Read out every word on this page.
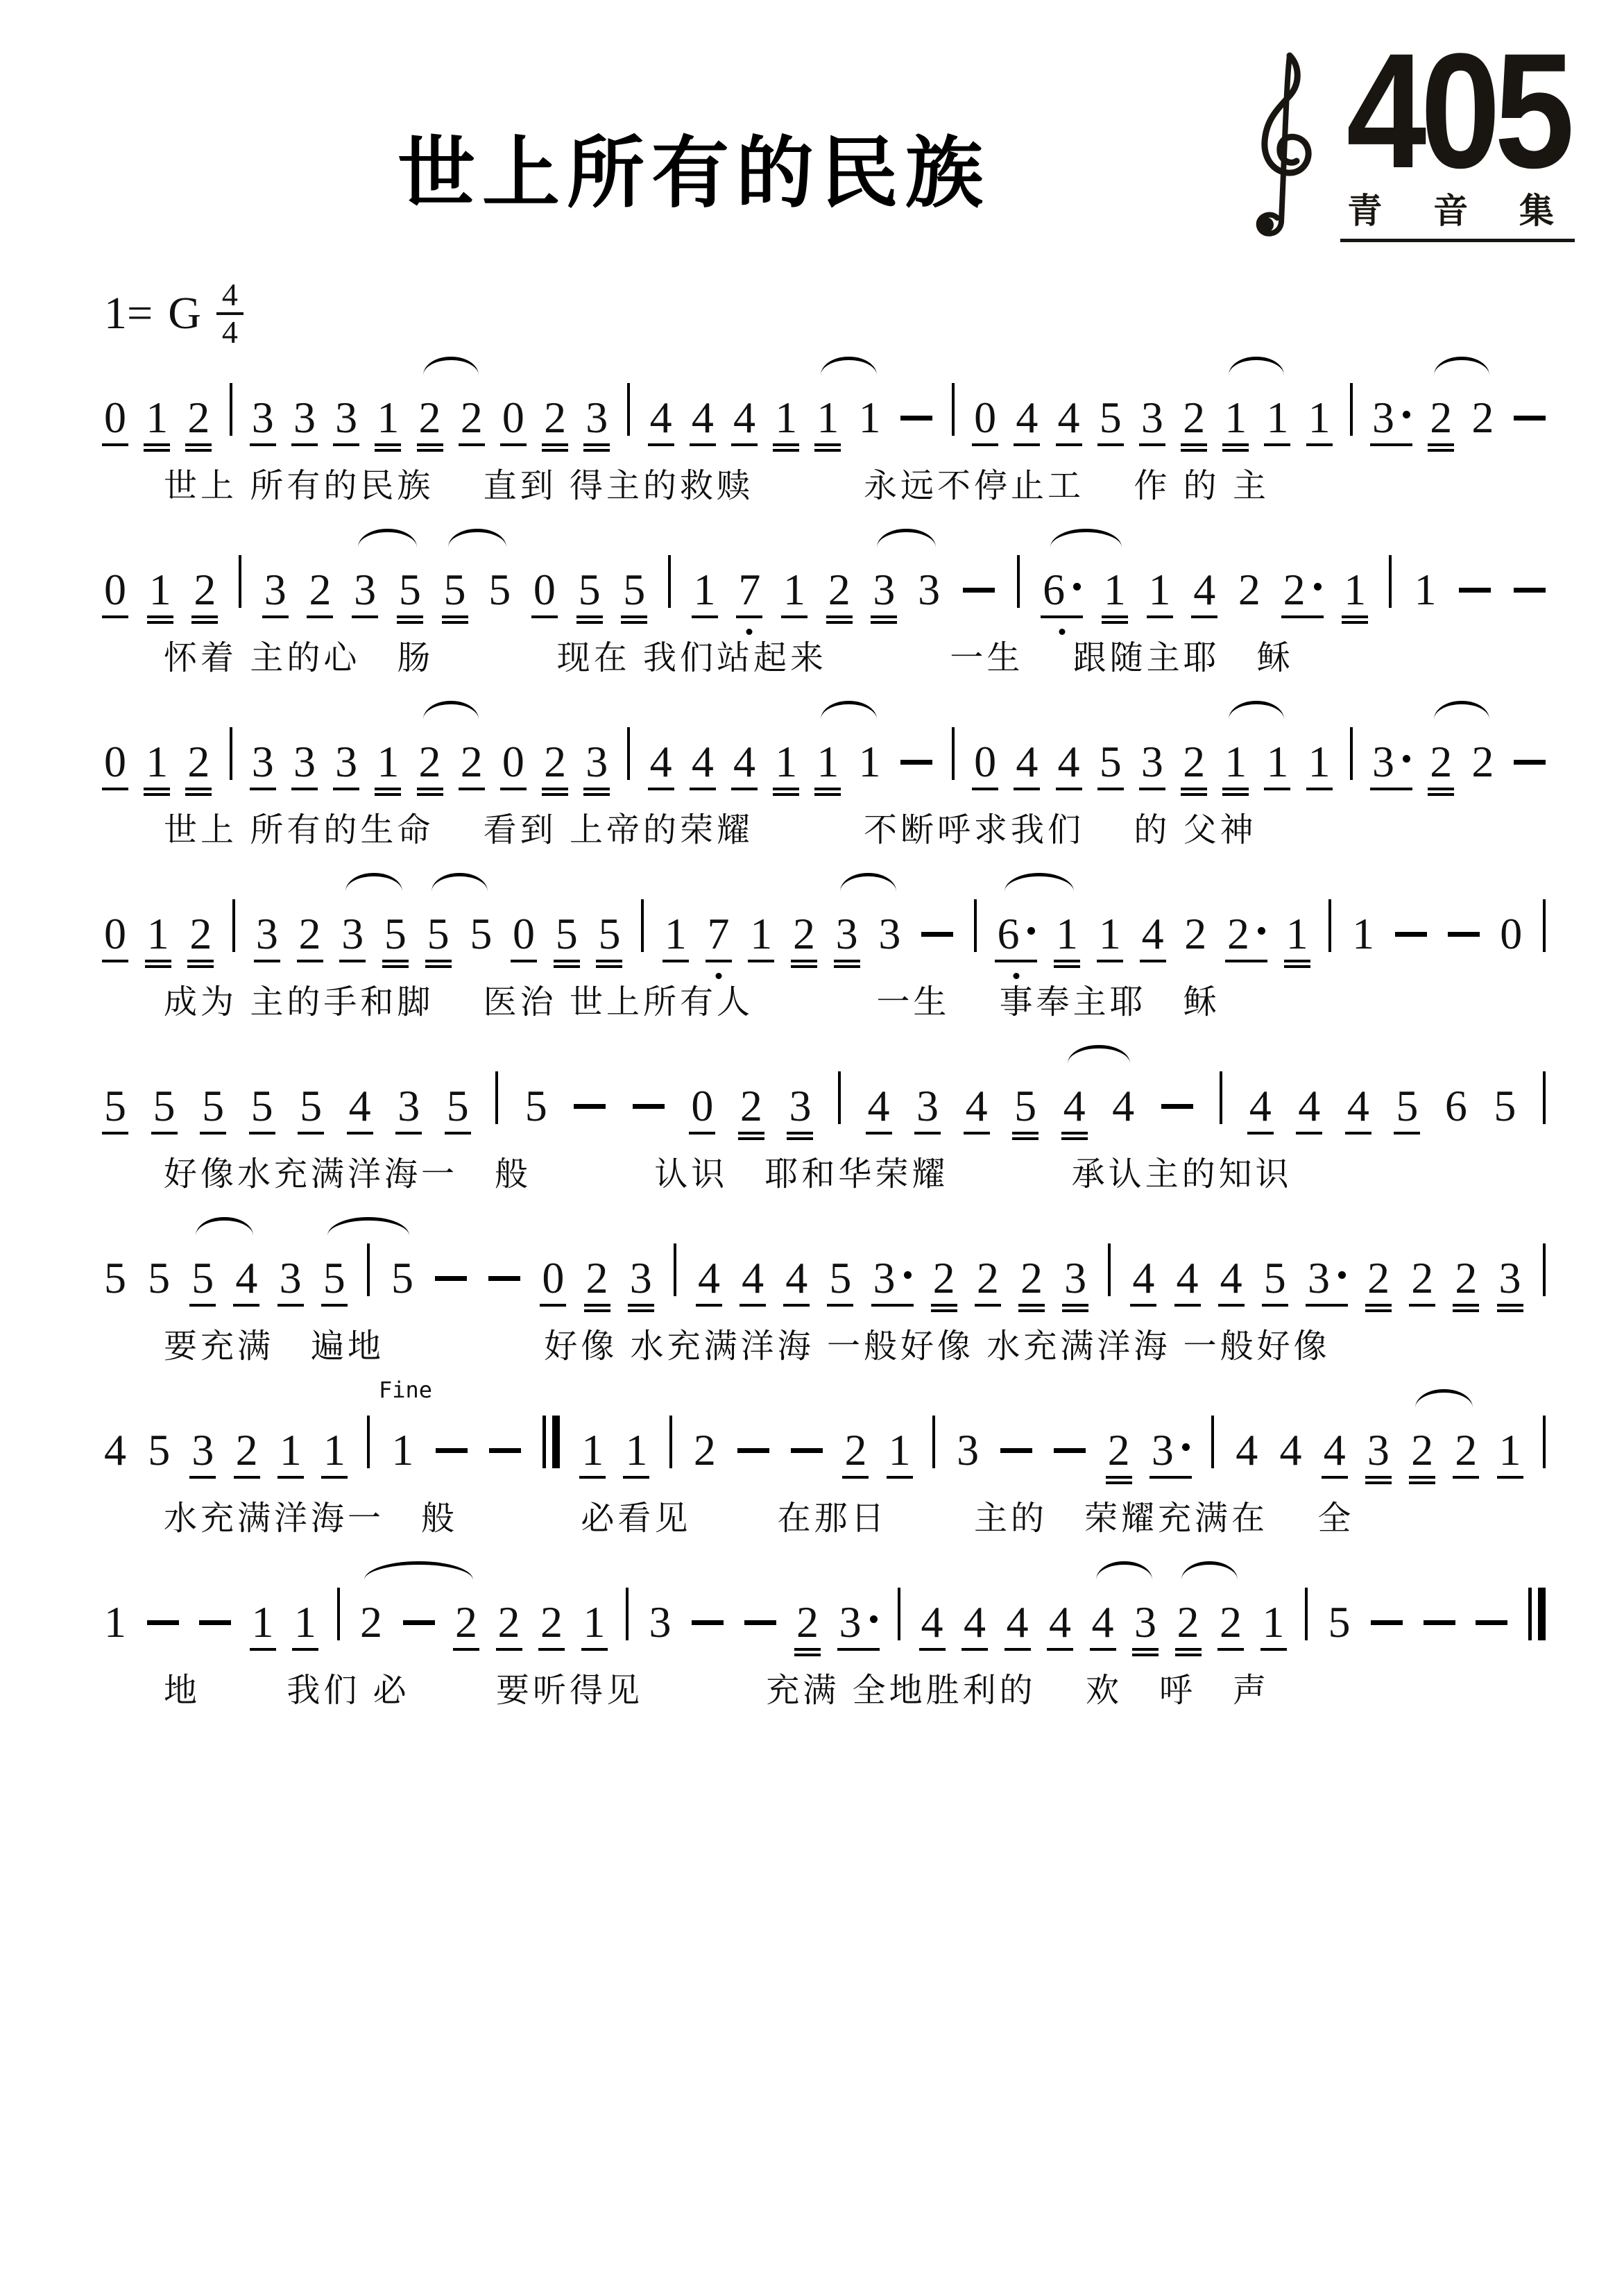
405
青 音 集
世上所有的民族
1= G $\frac{4}{4}$
0 1 2 3 3 3 1 2 2 0 2 3 4 4 4 1 1 1 0 4 4 5 3 2 1 1 1 3 2 2
世上 所有的民族　 直到 得主的救赎　　　永远不停止工　 作 的 主
0 1 2 3 2 3 5 5 5 0 5 5 1 7 1 2 3 3 6 1 1 4 2 2 1 1
怀着 主的心　肠　　　 现在 我们站起来　　　 一生　 跟随主耶　稣
0 1 2 3 3 3 1 2 2 0 2 3 4 4 4 1 1 1 0 4 4 5 3 2 1 1 1 3 2 2
世上 所有的生命　 看到 上帝的荣耀　　　不断呼求我们　 的 父神
0 1 2 3 2 3 5 5 5 0 5 5 1 7 1 2 3 3 6 1 1 4 2 2 1 1	0
成为 主的手和脚　 医治 世上所有人　　　 一生　 事奉主耶　稣
5 5 5 5 5 4 3 5 5	0 2 3 4 3 4 5 4 4	4 4 4 5 6 5
好像水充满洋海一　般　　　 认识　耶和华荣耀　　　 承认主的知识
5 5 5 4 3 5 5	0 2 3 4 4 4 5 3 2 2 2 3 4 4 4 5 3 2 2 2 3
要充满　遍地　　　　 好像 水充满洋海 一般好像 水充满洋海 一般好像
4 5 3 2 1 1 1	1 1 2	2 1 3	2 3	4 4 4 3 2 2 1
Fine
水充满洋海一　般　　　 必看见　　 在那日　　 主的　荣耀充满在　 全
1	1 1 2 2 2 2 1 3	2 3	4 4 4 4 4 3 2 2 1 5
地　　 我们 必　　 要听得见　　　 充满 全地胜利的　 欢　呼　声
